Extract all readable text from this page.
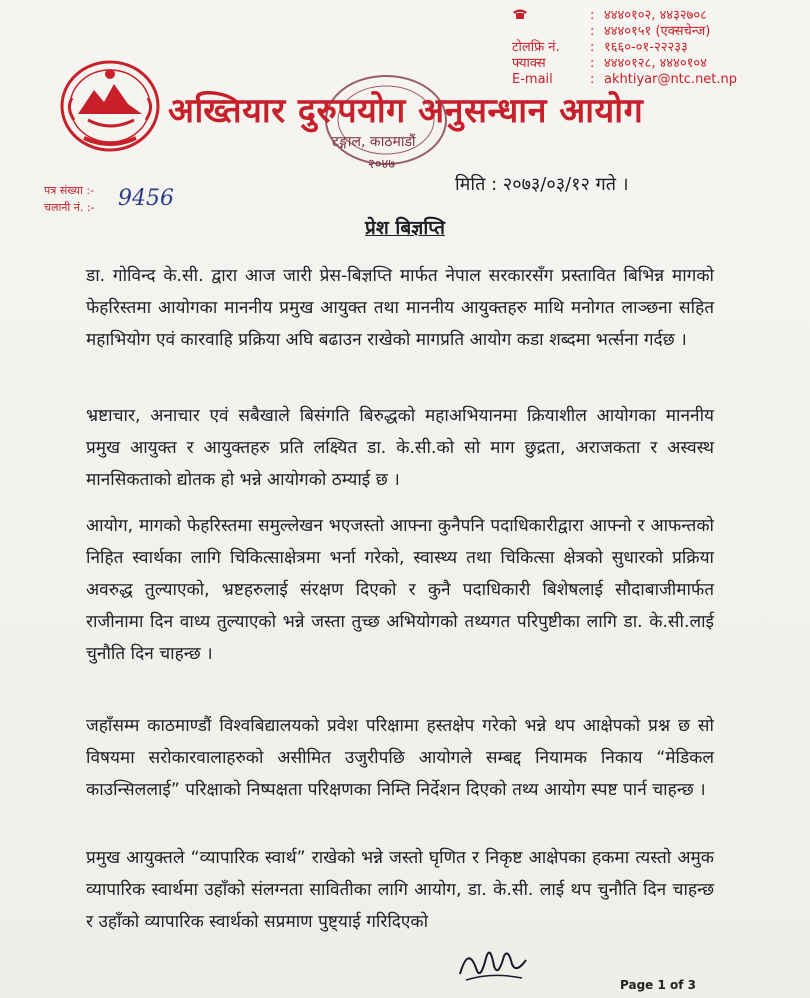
अख्तियार दुरुपयोग अनुसन्धान आयोग
टङ्गाल, काठमाडौं
२०४७
: ४४४०१०२, ४४३२७०८
: ४४४०१५१ (एक्सचेन्ज)
टोलफ्रि नं.	: १६६०-०१-२२२३३
फ्याक्स	: ४४४०१२८, ४४४०१०४
E-mail	: akhtiyar@ntc.net.np
पत्र संख्या :-
चलानी नं. :- 9456
मिति : २०७३/०३/१२ गते ।
प्रेश बिज्ञप्ति

डा. गोविन्द के.सी. द्वारा आज जारी प्रेस-बिज्ञप्ति मार्फत नेपाल सरकारसँग प्रस्तावित बिभिन्न मागको फेहरिस्तमा आयोगका माननीय प्रमुख आयुक्त तथा माननीय आयुक्तहरु माथि मनोगत लाञ्छना सहित महाभियोग एवं कारवाहि प्रक्रिया अघि बढाउन राखेको मागप्रति आयोग कडा शब्दमा भर्त्सना गर्दछ ।

भ्रष्टाचार, अनाचार एवं सबैखाले बिसंगति बिरुद्धको महाअभियानमा क्रियाशील आयोगका माननीय प्रमुख आयुक्त र आयुक्तहरु प्रति लक्ष्यित डा. के.सी.को सो माग छुद्रता, अराजकता र अस्वस्थ मानसिकताको द्योतक हो भन्ने आयोगको ठम्याई छ ।

आयोग, मागको फेहरिस्तमा समुल्लेखन भएजस्तो आफ्ना कुनैपनि पदाधिकारीद्वारा आफ्नो र आफन्तको निहित स्वार्थका लागि चिकित्साक्षेत्रमा भर्ना गरेको, स्वास्थ्य तथा चिकित्सा क्षेत्रको सुधारको प्रक्रिया अवरुद्ध तुल्याएको, भ्रष्टहरुलाई संरक्षण दिएको र कुनै पदाधिकारी बिशेषलाई सौदाबाजीमार्फत राजीनामा दिन वाध्य तुल्याएको भन्ने जस्ता तुच्छ अभियोगको तथ्यगत परिपुष्टीका लागि डा. के.सी.लाई चुनौति दिन चाहन्छ ।

जहाँसम्म काठमाण्डौं विश्वबिद्यालयको प्रवेश परिक्षामा हस्तक्षेप गरेको भन्ने थप आक्षेपको प्रश्न छ सो विषयमा सरोकारवालाहरुको असीमित उजुरीपछि आयोगले सम्बद्द नियामक निकाय “मेडिकल काउन्सिललाई” परिक्षाको निष्पक्षता परिक्षणका निम्ति निर्देशन दिएको तथ्य आयोग स्पष्ट पार्न चाहन्छ ।

प्रमुख आयुक्तले “व्यापारिक स्वार्थ” राखेको भन्ने जस्तो घृणित र निकृष्ट आक्षेपका हकमा त्यस्तो अमुक व्यापारिक स्वार्थमा उहाँको संलग्नता सावितीका लागि आयोग, डा. के.सी. लाई थप चुनौति दिन चाहन्छ र उहाँको व्यापारिक स्वार्थको सप्रमाण पुष्ट्याई गरिदिएको

Page 1 of 3
